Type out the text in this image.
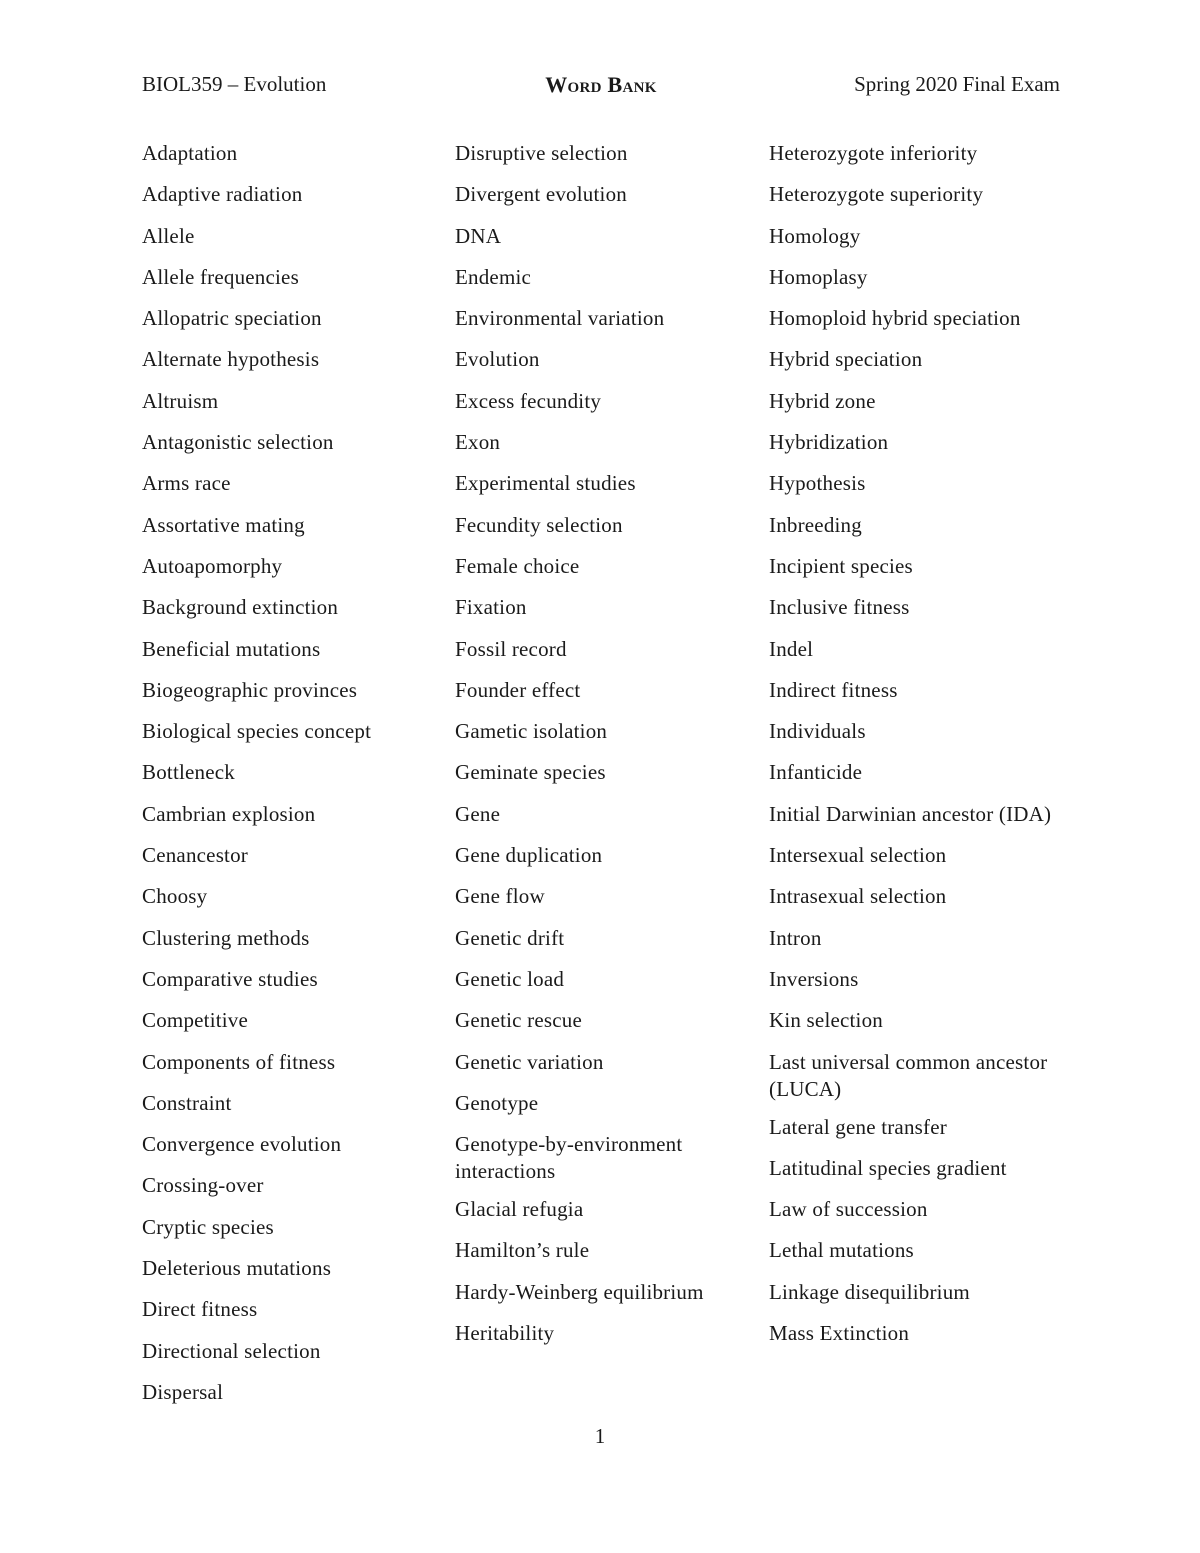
BIOL359 – Evolution	Word Bank	Spring 2020 Final Exam
Adaptation
Adaptive radiation
Allele
Allele frequencies
Allopatric speciation
Alternate hypothesis
Altruism
Antagonistic selection
Arms race
Assortative mating
Autoapomorphy
Background extinction
Beneficial mutations
Biogeographic provinces
Biological species concept
Bottleneck
Cambrian explosion
Cenancestor
Choosy
Clustering methods
Comparative studies
Competitive
Components of fitness
Constraint
Convergence evolution
Crossing-over
Cryptic species
Deleterious mutations
Direct fitness
Directional selection
Dispersal
Disruptive selection
Divergent evolution
DNA
Endemic
Environmental variation
Evolution
Excess fecundity
Exon
Experimental studies
Fecundity selection
Female choice
Fixation
Fossil record
Founder effect
Gametic isolation
Geminate species
Gene
Gene duplication
Gene flow
Genetic drift
Genetic load
Genetic rescue
Genetic variation
Genotype
Genotype-by-environment interactions
Glacial refugia
Hamilton’s rule
Hardy-Weinberg equilibrium
Heritability
Heterozygote inferiority
Heterozygote superiority
Homology
Homoplasy
Homoploid hybrid speciation
Hybrid speciation
Hybrid zone
Hybridization
Hypothesis
Inbreeding
Incipient species
Inclusive fitness
Indel
Indirect fitness
Individuals
Infanticide
Initial Darwinian ancestor (IDA)
Intersexual selection
Intrasexual selection
Intron
Inversions
Kin selection
Last universal common ancestor (LUCA)
Lateral gene transfer
Latitudinal species gradient
Law of succession
Lethal mutations
Linkage disequilibrium
Mass Extinction
1
